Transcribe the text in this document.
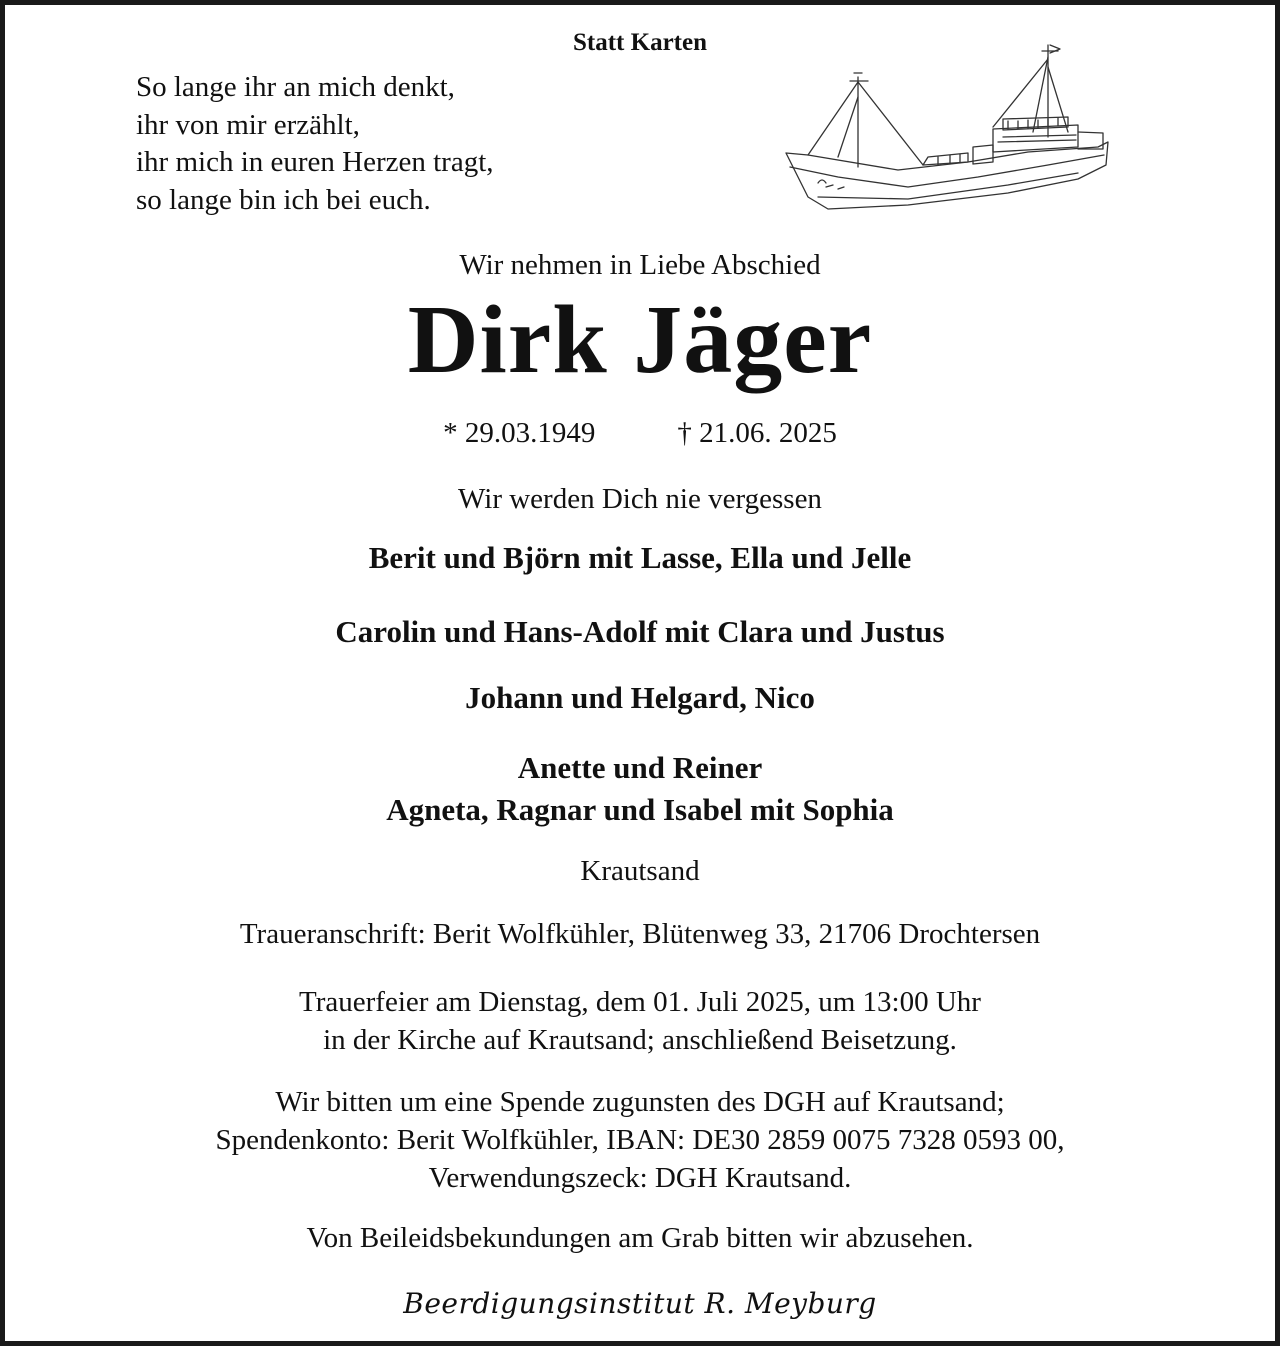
Statt Karten
So lange ihr an mich denkt,
ihr von mir erzählt,
ihr mich in euren Herzen tragt,
so lange bin ich bei euch.
Wir nehmen in Liebe Abschied
Dirk Jäger
* 29.03.1949	† 21.06. 2025
Wir werden Dich nie vergessen
Berit und Björn mit Lasse, Ella und Jelle
Carolin und Hans-Adolf mit Clara und Justus
Johann und Helgard, Nico
Anette und Reiner
Agneta, Ragnar und Isabel mit Sophia
Krautsand
Traueranschrift: Berit Wolfkühler, Blütenweg 33, 21706 Drochtersen
Trauerfeier am Dienstag, dem 01. Juli 2025, um 13:00 Uhr
in der Kirche auf Krautsand; anschließend Beisetzung.
Wir bitten um eine Spende zugunsten des DGH auf Krautsand;
Spendenkonto: Berit Wolfkühler, IBAN: DE30 2859 0075 7328 0593 00,
Verwendungszeck: DGH Krautsand.
Von Beileidsbekundungen am Grab bitten wir abzusehen.
Beerdigungsinstitut R. Meyburg
